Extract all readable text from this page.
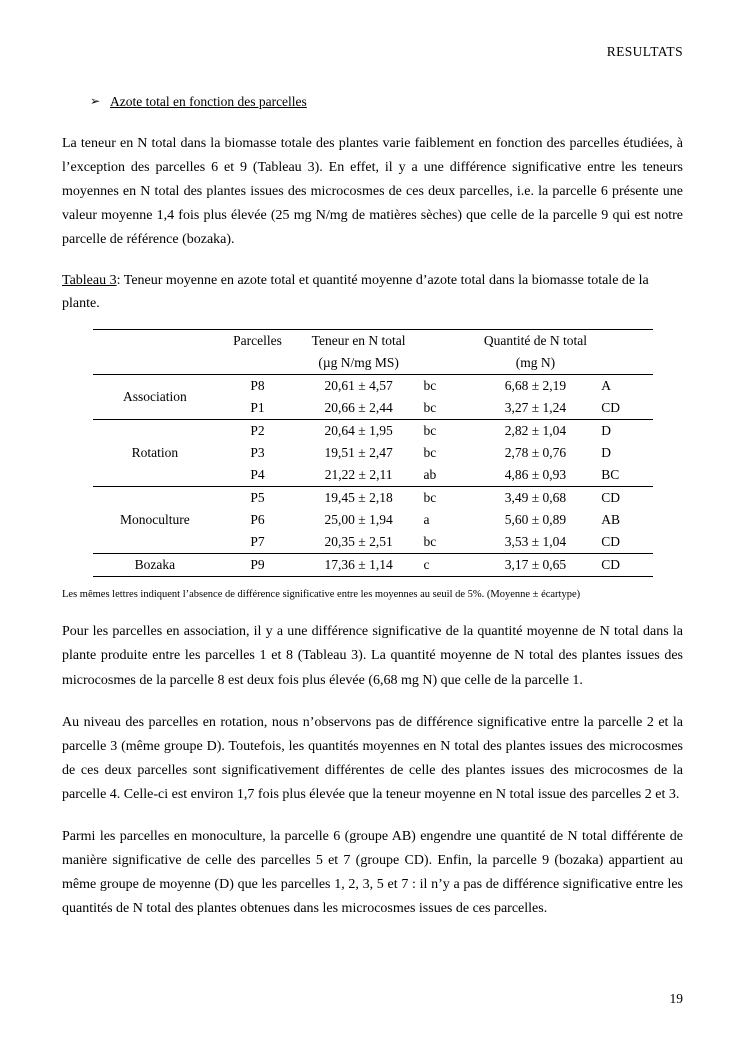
RESULTATS
➢ Azote total en fonction des parcelles

La teneur en N total dans la biomasse totale des plantes varie faiblement en fonction des parcelles étudiées, à l’exception des parcelles 6 et 9 (Tableau 3). En effet, il y a une différence significative entre les teneurs moyennes en N total des plantes issues des microcosmes de ces deux parcelles, i.e. la parcelle 6 présente une valeur moyenne 1,4 fois plus élevée (25 mg N/mg de matières sèches) que celle de la parcelle 9 qui est notre parcelle de référence (bozaka).

Tableau 3: Teneur moyenne en azote total et quantité moyenne d’azote total dans la biomasse totale de la plante.
	Parcelles	Teneur en N total		Quantité de N total	
		(µg N/mg MS)		(mg N)	
Association	P8	20,61 ± 4,57	bc	6,68 ± 2,19	A
	P1	20,66 ± 2,44	bc	3,27 ± 1,24	CD
Rotation	P2	20,64 ± 1,95	bc	2,82 ± 1,04	D
	P3	19,51 ± 2,47	bc	2,78 ± 0,76	D
	P4	21,22 ± 2,11	ab	4,86 ± 0,93	BC
Monoculture	P5	19,45 ± 2,18	bc	3,49 ± 0,68	CD
	P6	25,00 ± 1,94	a	5,60 ± 0,89	AB
	P7	20,35 ± 2,51	bc	3,53 ± 1,04	CD
Bozaka	P9	17,36 ± 1,14	c	3,17 ± 0,65	CD
Les mêmes lettres indiquent l’absence de différence significative entre les moyennes au seuil de 5%. (Moyenne ± écartype)

Pour les parcelles en association, il y a une différence significative de la quantité moyenne de N total dans la plante produite entre les parcelles 1 et 8 (Tableau 3). La quantité moyenne de N total des plantes issues des microcosmes de la parcelle 8 est deux fois plus élevée (6,68 mg N) que celle de la parcelle 1.

Au niveau des parcelles en rotation, nous n’observons pas de différence significative entre la parcelle 2 et la parcelle 3 (même groupe D). Toutefois, les quantités moyennes en N total des plantes issues des microcosmes de ces deux parcelles sont significativement différentes de celle des plantes issues des microcosmes de la parcelle 4. Celle-ci est environ 1,7 fois plus élevée que la teneur moyenne en N total issue des parcelles 2 et 3.

Parmi les parcelles en monoculture, la parcelle 6 (groupe AB) engendre une quantité de N total différente de manière significative de celle des parcelles 5 et 7 (groupe CD). Enfin, la parcelle 9 (bozaka) appartient au même groupe de moyenne (D) que les parcelles 1, 2, 3, 5 et 7 : il n’y a pas de différence significative entre les quantités de N total des plantes obtenues dans les microcosmes issues de ces parcelles.

19
